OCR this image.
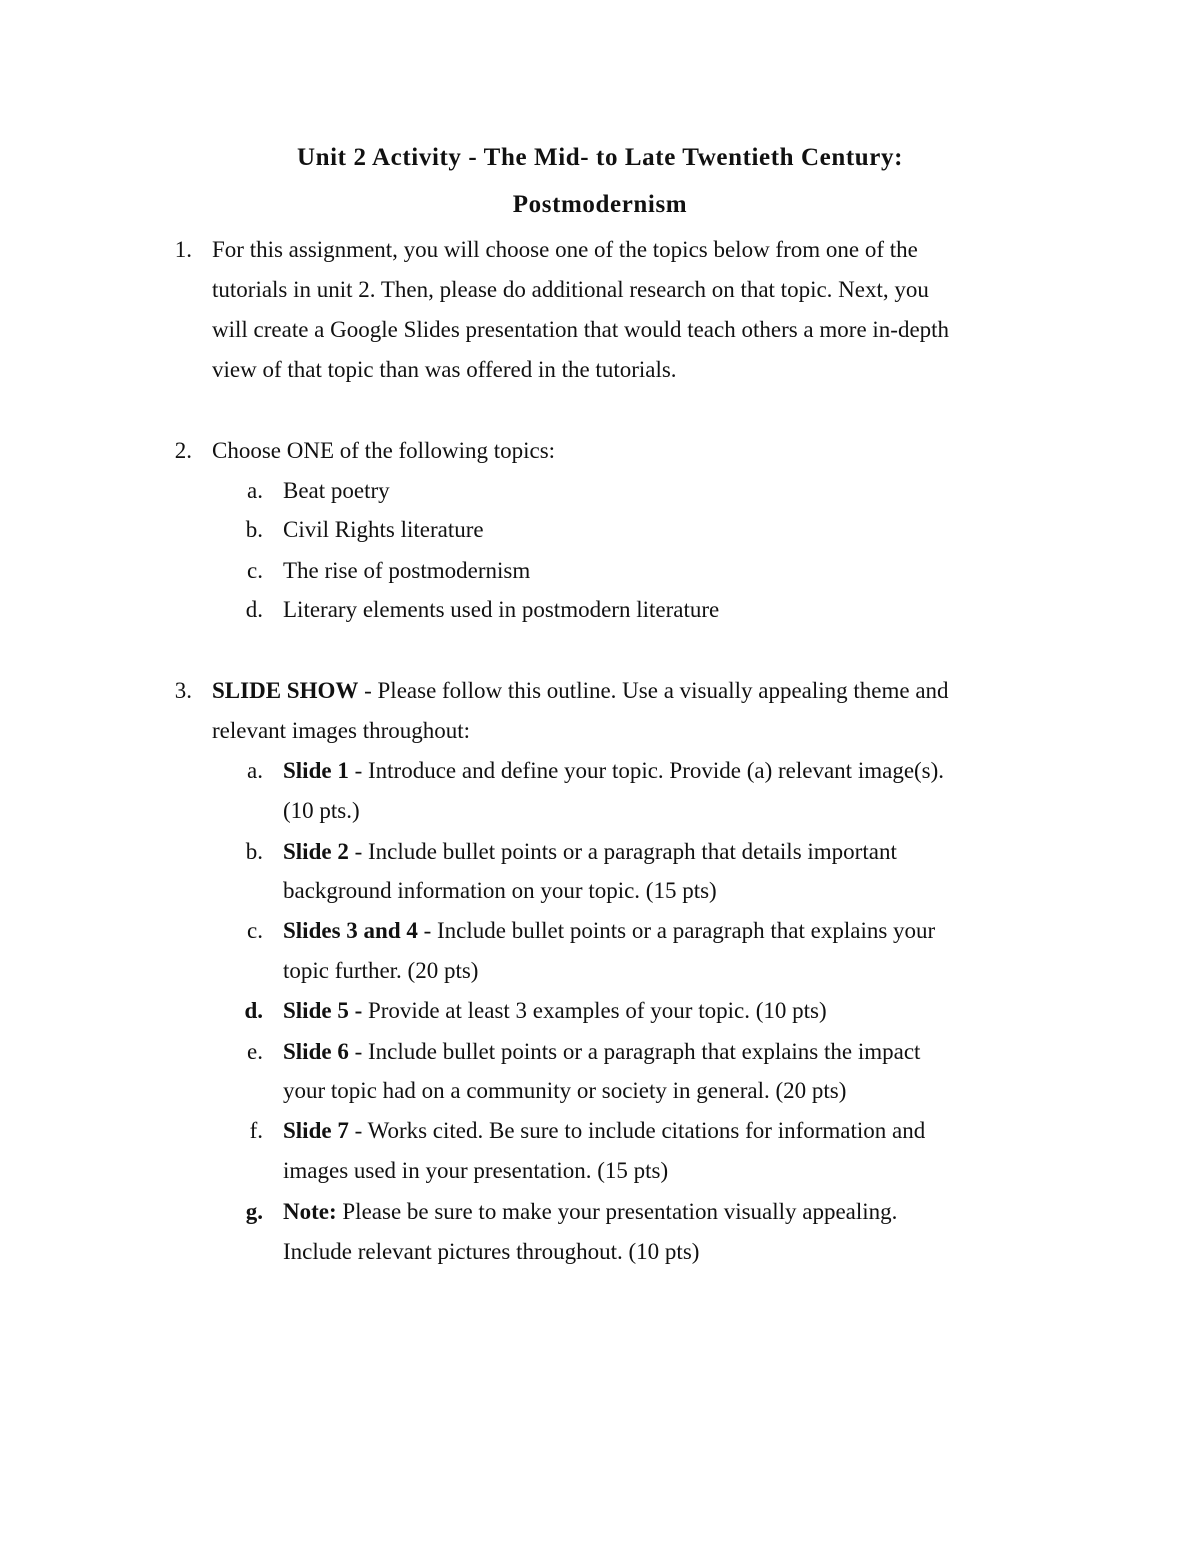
Unit 2 Activity - The Mid- to Late Twentieth Century:
Postmodernism
1. For this assignment, you will choose one of the topics below from one of the
tutorials in unit 2. Then, please do additional research on that topic. Next, you
will create a Google Slides presentation that would teach others a more in-depth
view of that topic than was offered in the tutorials.
2. Choose ONE of the following topics:
a. Beat poetry
b. Civil Rights literature
c. The rise of postmodernism
d. Literary elements used in postmodern literature
3. SLIDE SHOW - Please follow this outline. Use a visually appealing theme and
relevant images throughout:
a. Slide 1 - Introduce and define your topic. Provide (a) relevant image(s).
(10 pts.)
b. Slide 2 - Include bullet points or a paragraph that details important
background information on your topic. (15 pts)
c. Slides 3 and 4 - Include bullet points or a paragraph that explains your
topic further. (20 pts)
d. Slide 5 - Provide at least 3 examples of your topic. (10 pts)
e. Slide 6 - Include bullet points or a paragraph that explains the impact
your topic had on a community or society in general. (20 pts)
f. Slide 7 - Works cited. Be sure to include citations for information and
images used in your presentation. (15 pts)
g. Note: Please be sure to make your presentation visually appealing.
Include relevant pictures throughout. (10 pts)
